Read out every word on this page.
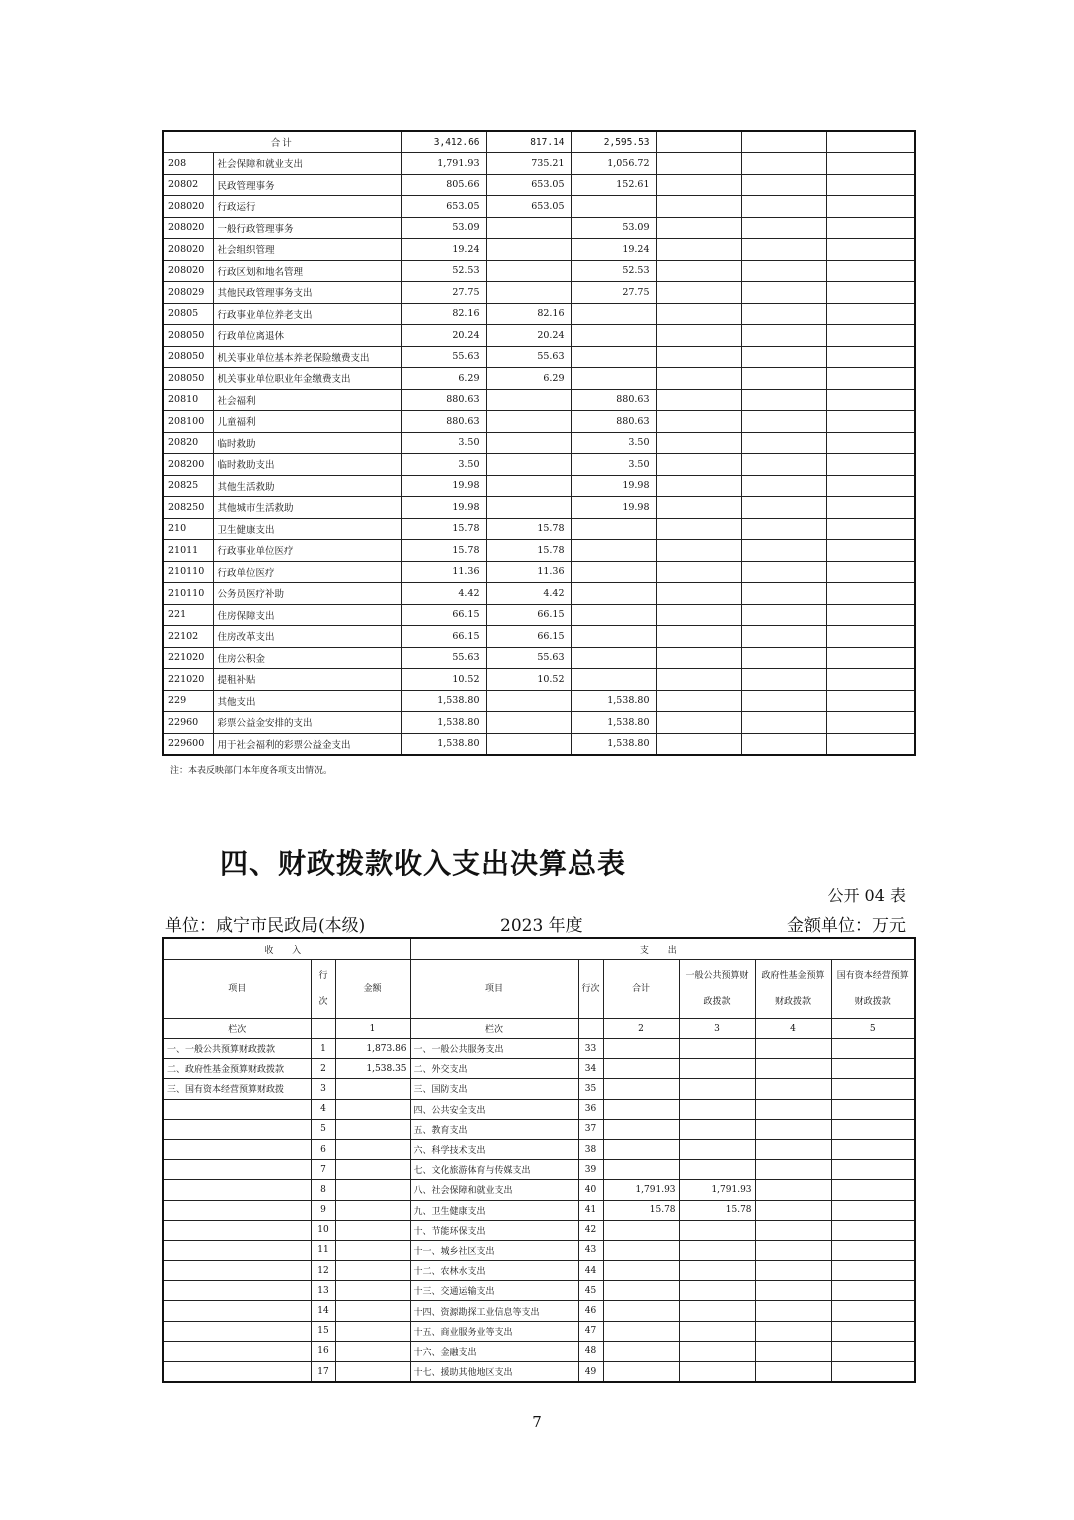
合计		3,412.66	817.14	2,595.53			
208	社会保障和就业支出	1,791.93	735.21	1,056.72			
20802	民政管理事务	805.66	653.05	152.61			
208020	行政运行	653.05	653.05				
208020	一般行政管理事务	53.09		53.09			
208020	社会组织管理	19.24		19.24			
208020	行政区划和地名管理	52.53		52.53			
208029	其他民政管理事务支出	27.75		27.75			
20805	行政事业单位养老支出	82.16	82.16				
208050	行政单位离退休	20.24	20.24				
208050	机关事业单位基本养老保险缴费支出	55.63	55.63				
208050	机关事业单位职业年金缴费支出	6.29	6.29				
20810	社会福利	880.63		880.63			
208100	儿童福利	880.63		880.63			
20820	临时救助	3.50		3.50			
208200	临时救助支出	3.50		3.50			
20825	其他生活救助	19.98		19.98			
208250	其他城市生活救助	19.98		19.98			
210	卫生健康支出	15.78	15.78				
21011	行政事业单位医疗	15.78	15.78				
210110	行政单位医疗	11.36	11.36				
210110	公务员医疗补助	4.42	4.42				
221	住房保障支出	66.15	66.15				
22102	住房改革支出	66.15	66.15				
221020	住房公积金	55.63	55.63				
221020	提租补贴	10.52	10.52				
229	其他支出	1,538.80		1,538.80			
22960	彩票公益金安排的支出	1,538.80		1,538.80			
229600	用于社会福利的彩票公益金支出	1,538.80		1,538.80			
注：本表反映部门本年度各项支出情况。
四、财政拨款收入支出决算总表
公开 04 表
单位：咸宁市民政局(本级)	2023 年度	金额单位：万元
收 入			支 出					
项目	行次	金额	项目	行次	合计	一般公共预算财政拨款	政府性基金预算财政拨款	国有资本经营预算财政拨款
栏次		1	栏次		2	3	4	5
一、一般公共预算财政拨款	1	1,873.86	一、一般公共服务支出	33				
二、政府性基金预算财政拨款	2	1,538.35	二、外交支出	34				
三、国有资本经营预算财政拨	3		三、国防支出	35				
	4		四、公共安全支出	36				
	5		五、教育支出	37				
	6		六、科学技术支出	38				
	7		七、文化旅游体育与传媒支出	39				
	8		八、社会保障和就业支出	40	1,791.93	1,791.93		
	9		九、卫生健康支出	41	15.78	15.78		
	10		十、节能环保支出	42				
	11		十一、城乡社区支出	43				
	12		十二、农林水支出	44				
	13		十三、交通运输支出	45				
	14		十四、资源勘探工业信息等支出	46				
	15		十五、商业服务业等支出	47				
	16		十六、金融支出	48				
	17		十七、援助其他地区支出	49				
7
